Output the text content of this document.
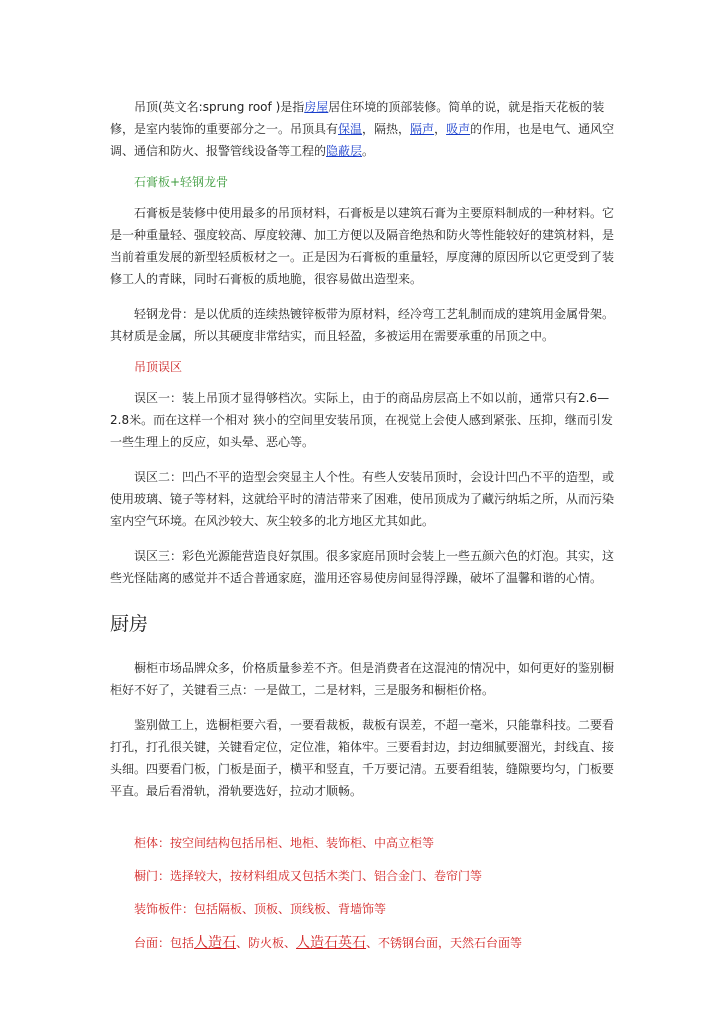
吊顶(英文名:sprung roof )是指房屋居住环境的顶部装修。简单的说，就是指天花板的装修，是室内装饰的重要部分之一。吊顶具有保温，隔热，隔声，吸声的作用，也是电气、通风空调、通信和防火、报警管线设备等工程的隐蔽层。

石膏板+轻钢龙骨

石膏板是装修中使用最多的吊顶材料，石膏板是以建筑石膏为主要原料制成的一种材料。它是一种重量轻、强度较高、厚度较薄、加工方便以及隔音绝热和防火等性能较好的建筑材料，是当前着重发展的新型轻质板材之一。正是因为石膏板的重量轻，厚度薄的原因所以它更受到了装修工人的青睐，同时石膏板的质地脆，很容易做出造型来。

轻钢龙骨：是以优质的连续热镀锌板带为原材料，经冷弯工艺轧制而成的建筑用金属骨架。其材质是金属，所以其硬度非常结实，而且轻盈，多被运用在需要承重的吊顶之中。

吊顶误区

误区一：装上吊顶才显得够档次。实际上，由于的商品房层高上不如以前，通常只有2.6—2.8米。而在这样一个相对 狭小的空间里安装吊顶，在视觉上会使人感到紧张、压抑，继而引发一些生理上的反应，如头晕、恶心等。

误区二：凹凸不平的造型会突显主人个性。有些人安装吊顶时，会设计凹凸不平的造型，或使用玻璃、镜子等材料，这就给平时的清洁带来了困难，使吊顶成为了藏污纳垢之所，从而污染室内空气环境。在风沙较大、灰尘较多的北方地区尤其如此。

误区三：彩色光源能营造良好氛围。很多家庭吊顶时会装上一些五颜六色的灯泡。其实，这些光怪陆离的感觉并不适合普通家庭，滥用还容易使房间显得浮躁，破坏了温馨和谐的心情。

厨房

橱柜市场品牌众多，价格质量参差不齐。但是消费者在这混沌的情况中，如何更好的鉴别橱柜好不好了，关键看三点：一是做工，二是材料，三是服务和橱柜价格。

鉴别做工上，选橱柜要六看，一要看裁板，裁板有误差，不超一毫米，只能靠科技。二要看打孔，打孔很关键，关键看定位，定位准，箱体牢。三要看封边，封边细腻要溜光，封线直、接头细。四要看门板，门板是面子，横平和竖直，千万要记清。五要看组装，缝隙要均匀，门板要平直。最后看滑轨，滑轨要选好，拉动才顺畅。

柜体：按空间结构包括吊柜、地柜、装饰柜、中高立柜等

橱门：选择较大，按材料组成又包括木类门、铝合金门、卷帘门等

装饰板件：包括隔板、顶板、顶线板、背墙饰等

台面：包括人造石、防火板、人造石英石、不锈钢台面，天然石台面等
